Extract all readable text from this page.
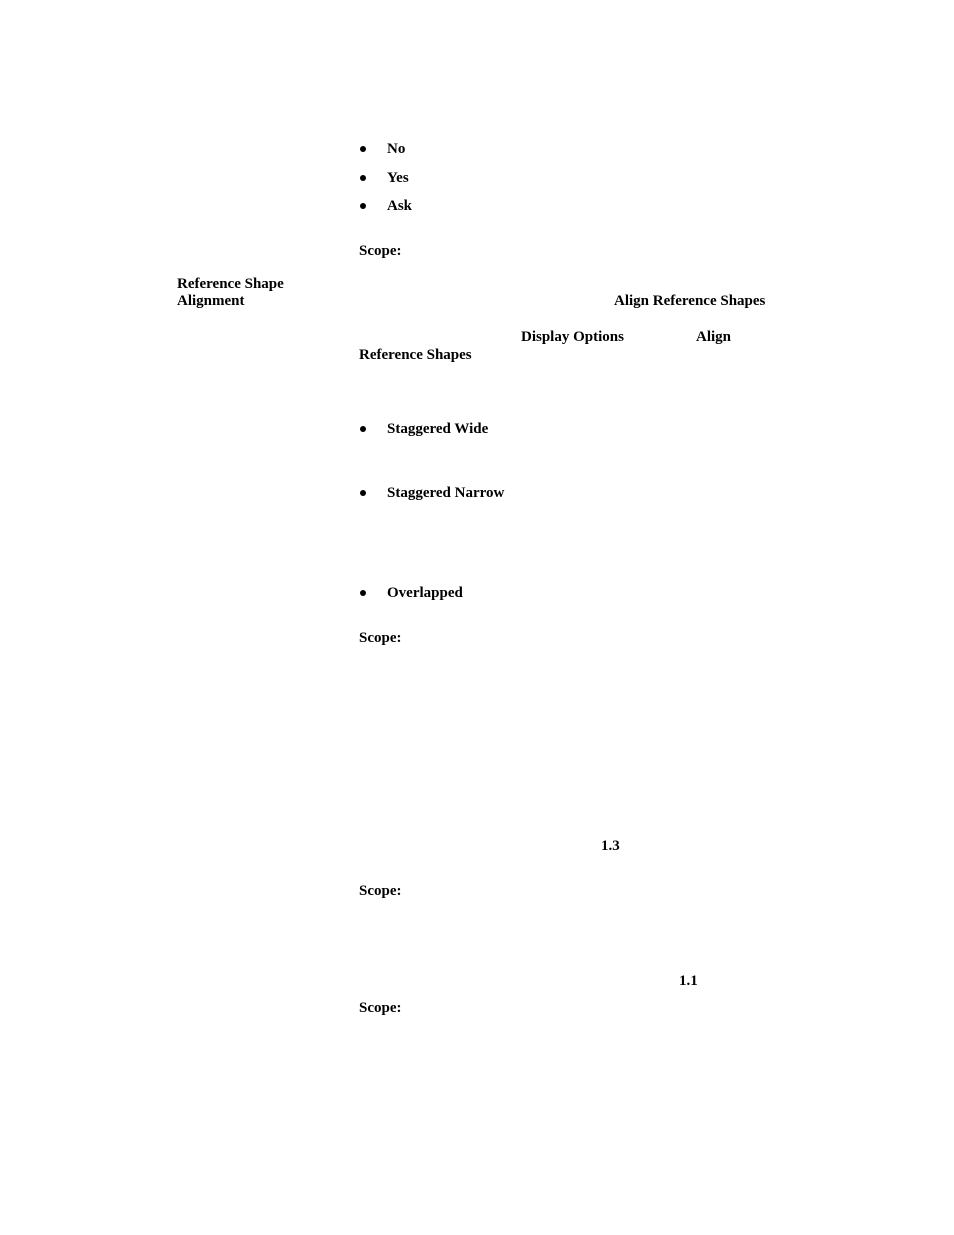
No
Yes
Ask
Scope:
Reference Shape
Alignment	Align Reference Shapes
Display Options	Align
Reference Shapes
Staggered Wide
Staggered Narrow
Overlapped
Scope:
1.3
Scope:
1.1
Scope:
